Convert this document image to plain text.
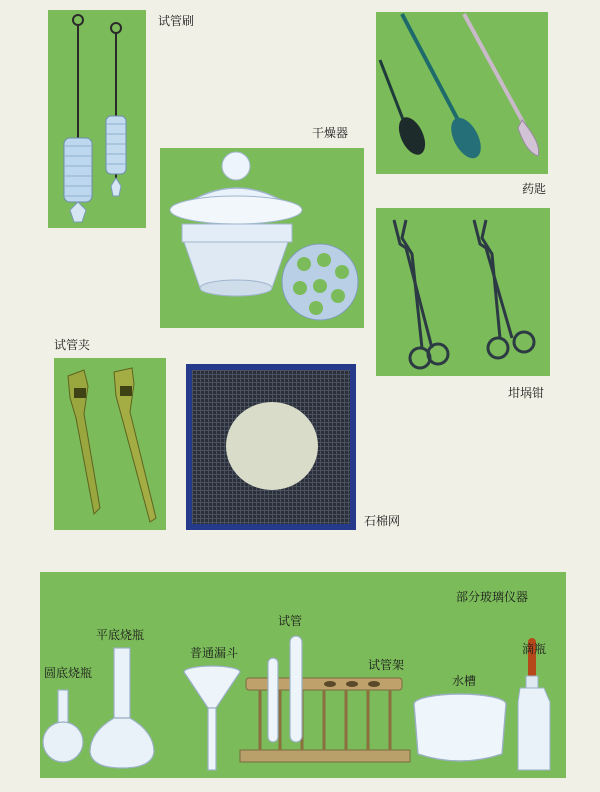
试管刷
药匙
干燥器
坩埚钳
试管夹
石棉网
部分玻璃仪器
圆底烧瓶
平底烧瓶
普通漏斗
试管
试管架
水槽
滴瓶
